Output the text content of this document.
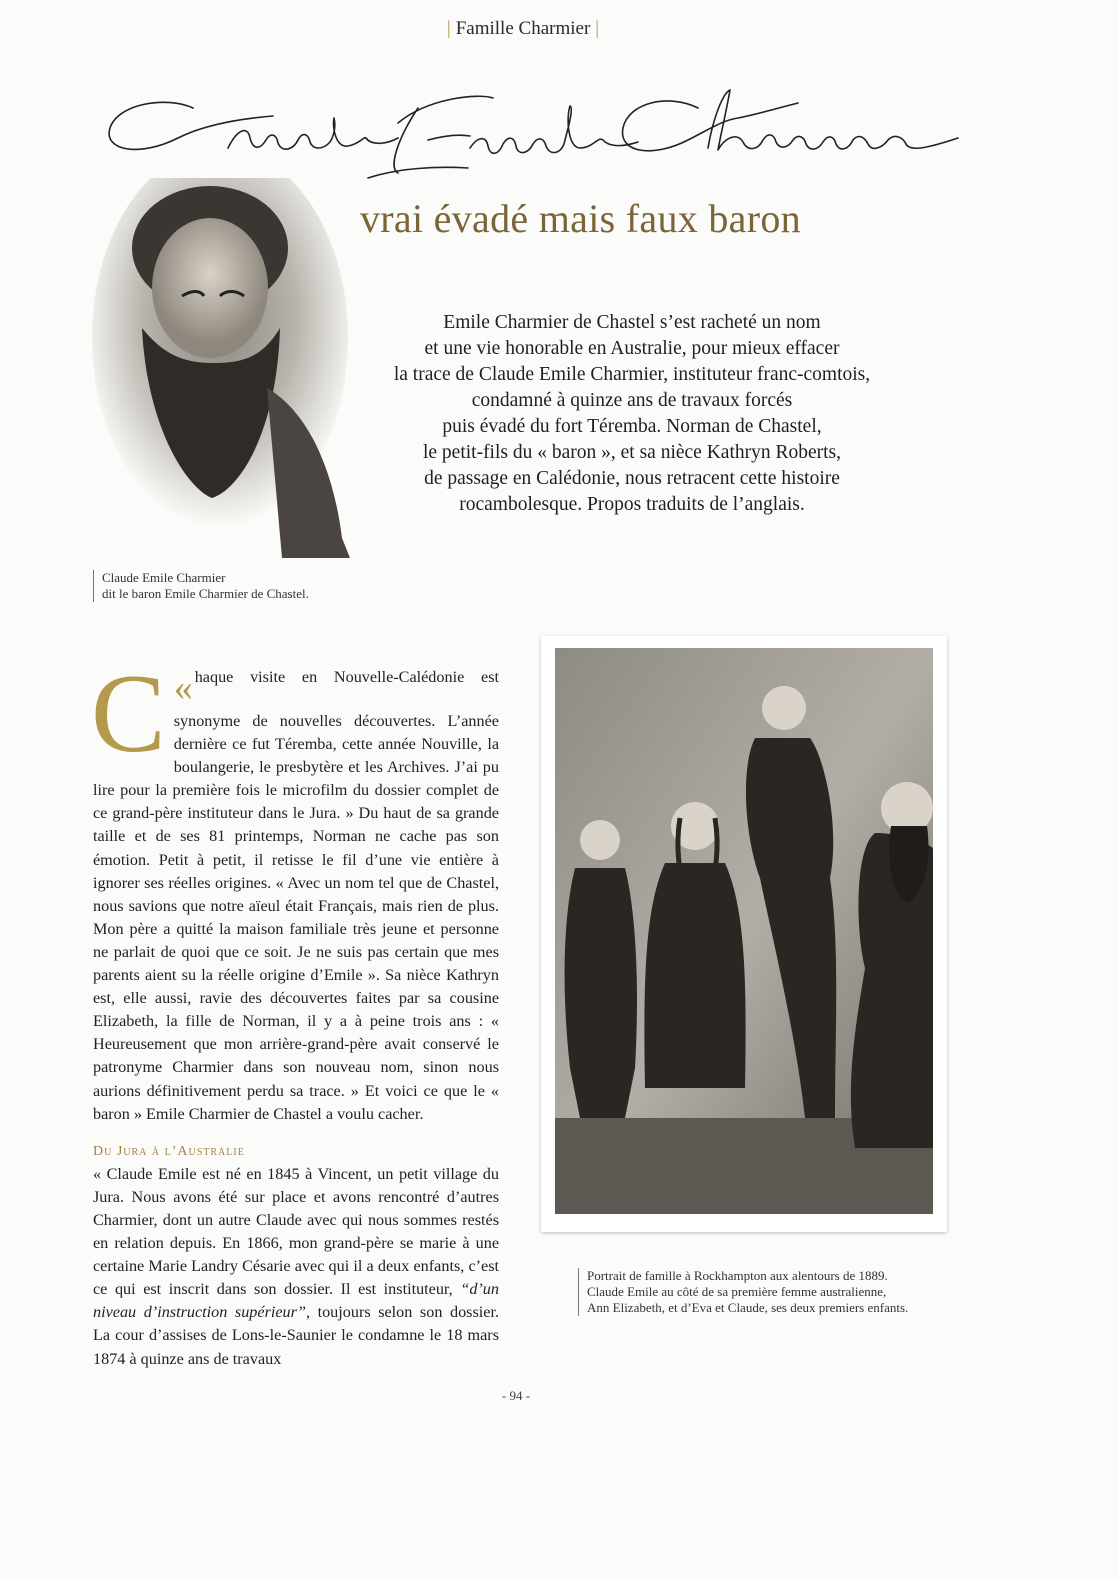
| Famille Charmier |
vrai évadé mais faux baron

Emile Charmier de Chastel s’est racheté un nom

et une vie honorable en Australie, pour mieux effacer

la trace de Claude Emile Charmier, instituteur franc-comtois,

condamné à quinze ans de travaux forcés

puis évadé du fort Téremba. Norman de Chastel,

le petit-fils du « baron », et sa nièce Kathryn Roberts,

de passage en Calédonie, nous retracent cette histoire

rocambolesque. Propos traduits de l’anglais.

Claude Emile Charmier
dit le baron Emile Charmier de Chastel.

«
C haque visite en Nouvelle-Calédonie est synonyme de nouvelles découvertes. L’année dernière ce fut Téremba, cette année Nouville, la boulangerie, le presbytère et les Archives. J’ai pu lire pour la première fois le microfilm du dossier complet de ce grand-père instituteur dans le Jura. » Du haut de sa grande taille et de ses 81 printemps, Norman ne cache pas son émotion. Petit à petit, il retisse le fil d’une vie entière à ignorer ses réelles origines. « Avec un nom tel que de Chastel, nous savions que notre aïeul était Français, mais rien de plus. Mon père a quitté la maison familiale très jeune et personne ne parlait de quoi que ce soit. Je ne suis pas certain que mes parents aient su la réelle origine d’Emile ». Sa nièce Kathryn est, elle aussi, ravie des découvertes faites par sa cousine Elizabeth, la fille de Norman, il y a à peine trois ans : « Heureusement que mon arrière-grand-père avait conservé le patronyme Charmier dans son nouveau nom, sinon nous aurions définitivement perdu sa trace. » Et voici ce que le « baron » Emile Charmier de Chastel a voulu cacher.

Du Jura à l’Australie

« Claude Emile est né en 1845 à Vincent, un petit village du Jura. Nous avons été sur place et avons rencontré d’autres Charmier, dont un autre Claude avec qui nous sommes restés en relation depuis. En 1866, mon grand-père se marie à une certaine Marie Landry Césarie avec qui il a deux enfants, c’est ce qui est inscrit dans son dossier. Il est instituteur, “d’un niveau d’instruction supérieur”, toujours selon son dossier. La cour d’assises de Lons-le-Saunier le condamne le 18 mars 1874 à quinze ans de travaux

Portrait de famille à Rockhampton aux alentours de 1889.
Claude Emile au côté de sa première femme australienne,
Ann Elizabeth, et d’Eva et Claude, ses deux premiers enfants.
- 94 -
